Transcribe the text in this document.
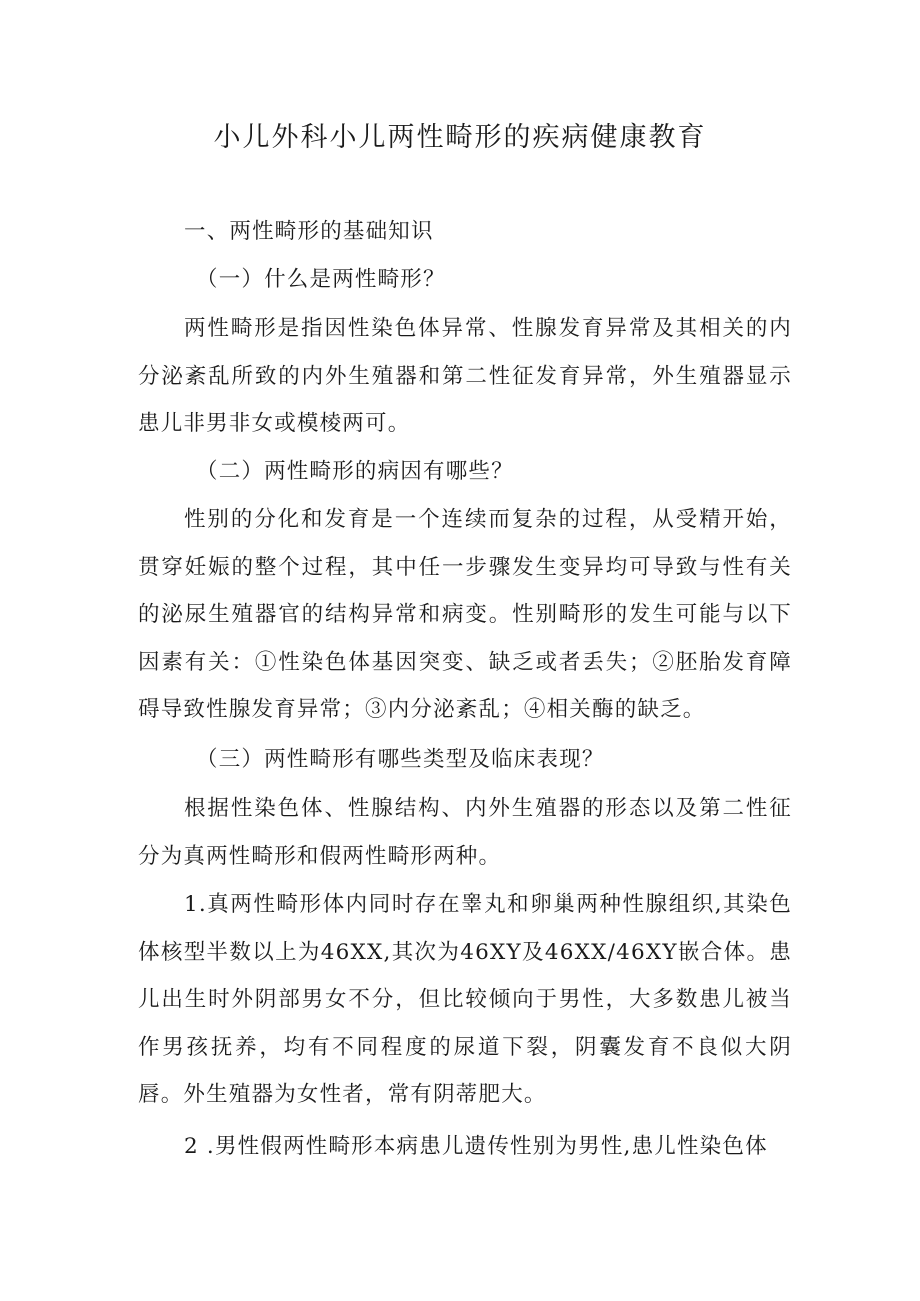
小儿外科小儿两性畸形的疾病健康教育
一、两性畸形的基础知识
（一）什么是两性畸形？

两性畸形是指因性染色体异常、性腺发育异常及其相关的内分泌紊乱所致的内外生殖器和第二性征发育异常，外生殖器显示患儿非男非女或模棱两可。

（二）两性畸形的病因有哪些？

性别的分化和发育是一个连续而复杂的过程，从受精开始，贯穿妊娠的整个过程，其中任一步骤发生变异均可导致与性有关的泌尿生殖器官的结构异常和病变。性别畸形的发生可能与以下因素有关：①性染色体基因突变、缺乏或者丢失；②胚胎发育障碍导致性腺发育异常；③内分泌紊乱；④相关酶的缺乏。

（三）两性畸形有哪些类型及临床表现？

根据性染色体、性腺结构、内外生殖器的形态以及第二性征分为真两性畸形和假两性畸形两种。

1.真两性畸形体内同时存在睾丸和卵巢两种性腺组织,其染色体核型半数以上为46XX,其次为46XY及46XX/46XY嵌合体。患儿出生时外阴部男女不分，但比较倾向于男性，大多数患儿被当作男孩抚养，均有不同程度的尿道下裂，阴囊发育不良似大阴唇。外生殖器为女性者，常有阴蒂肥大。

2 .男性假两性畸形本病患儿遗传性别为男性,患儿性染色体
